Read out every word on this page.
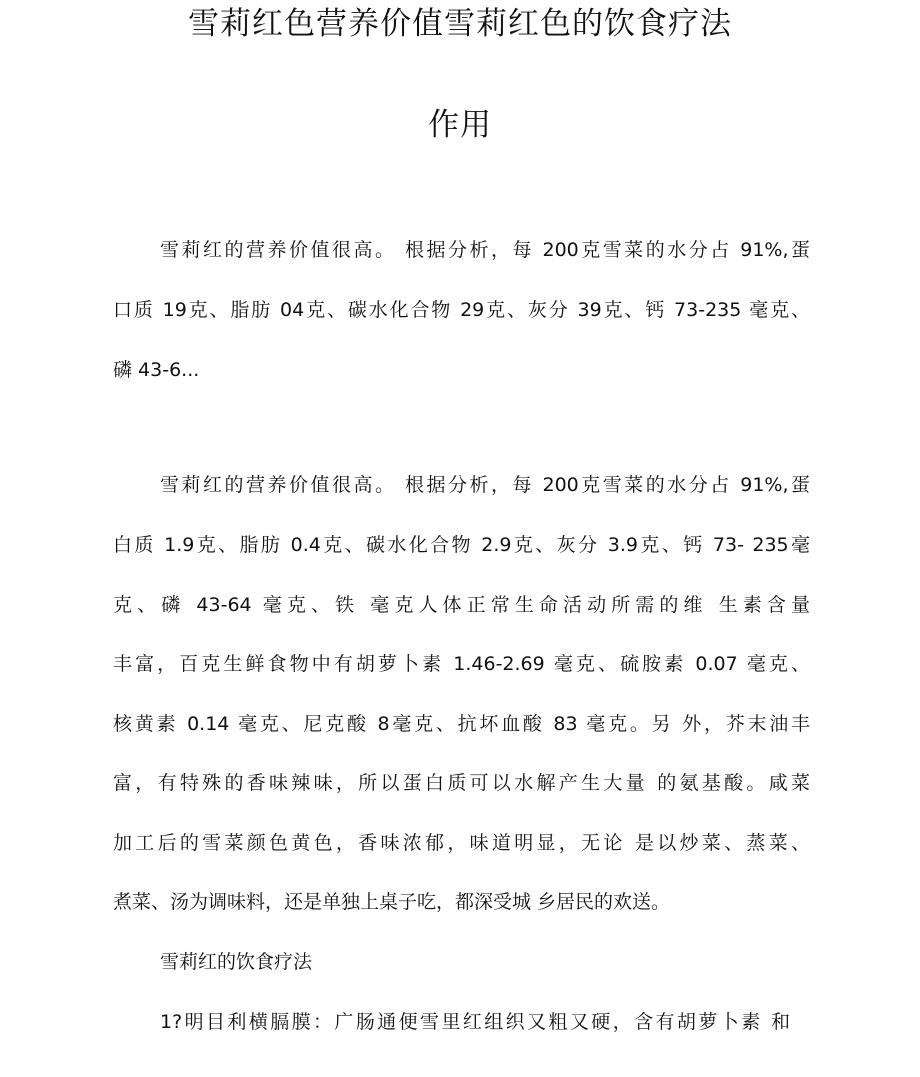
雪莉红色营养价值雪莉红色的饮食疗法
作用
雪莉红的营养价值很高。 根据分析，每 200克雪菜的水分占 91%,蛋
口质 19克、脂肪 04克、碳水化合物 29克、灰分 39克、钙 73-235 毫克、
磷 43-6...
雪莉红的营养价值很高。 根据分析，每 200克雪菜的水分占 91%,蛋
白质 1.9克、脂肪 0.4克、碳水化合物 2.9克、灰分 3.9克、钙 73- 235毫
克、磷 43-64 毫克、铁 毫克人体正常生命活动所需的维 生素含量
丰富，百克生鲜食物中有胡萝卜素 1.46-2.69 毫克、硫胺素 0.07 毫克、
核黄素 0.14 毫克、尼克酸 8毫克、抗坏血酸 83 毫克。另 外，芥末油丰
富，有特殊的香味辣味，所以蛋白质可以水解产生大量 的氨基酸。咸菜
加工后的雪菜颜色黄色，香味浓郁，味道明显，无论 是以炒菜、蒸菜、
煮菜、汤为调味料，还是单独上桌子吃，都深受城 乡居民的欢送。
雪莉红的饮食疗法
1?明目利横膈膜：广肠通便雪里红组织又粗又硬，含有胡萝卜素 和
